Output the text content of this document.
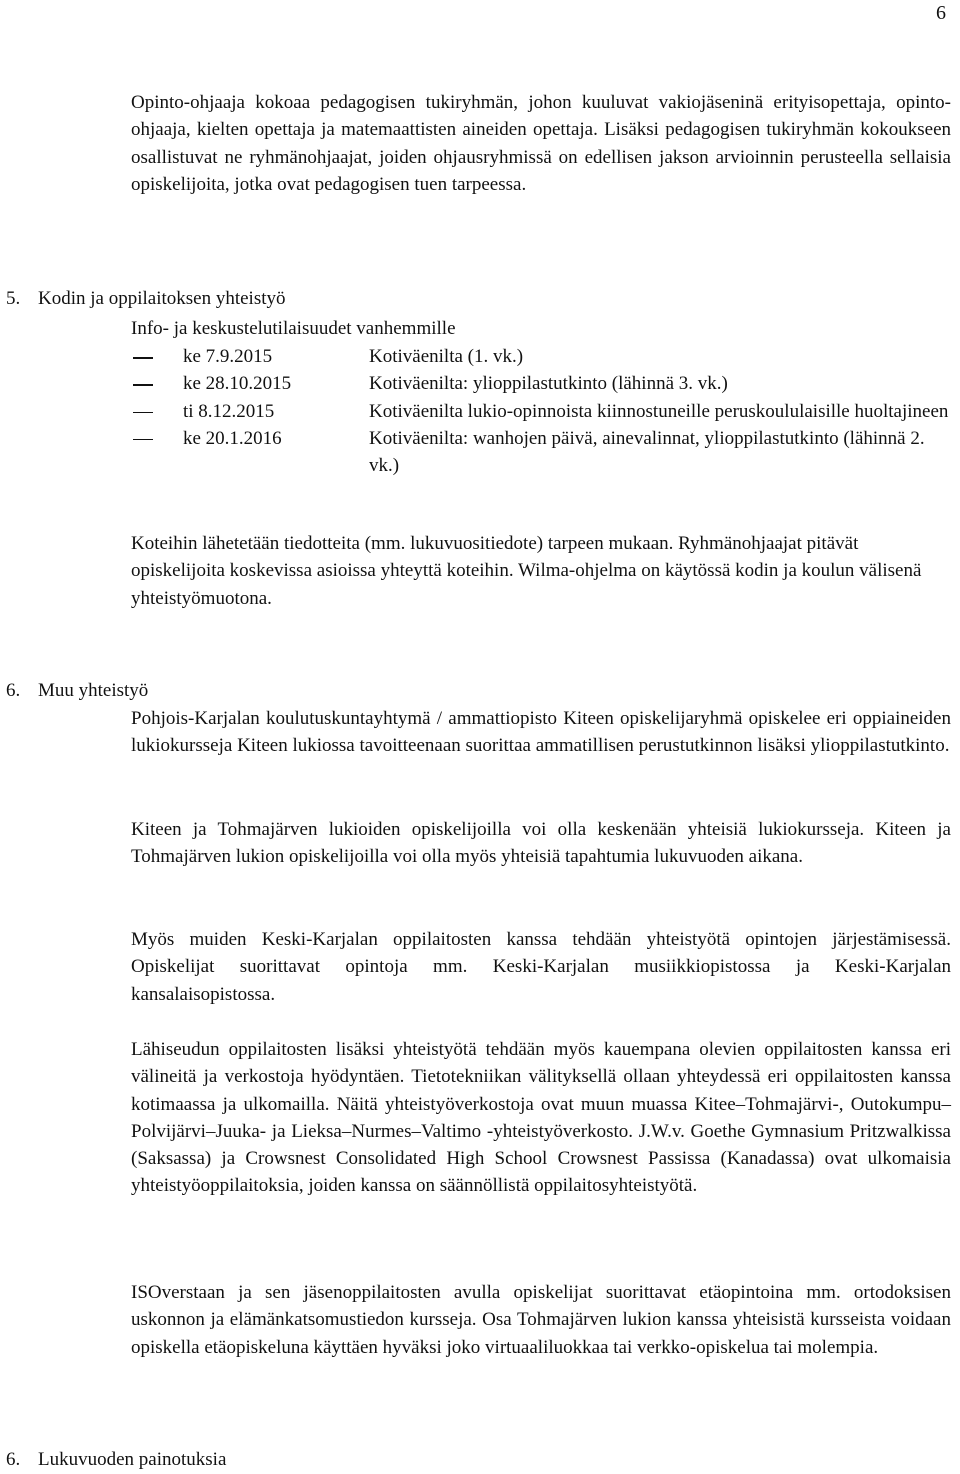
6

Opinto-ohjaaja kokoaa pedagogisen tukiryhmän, johon kuuluvat vakiojäseninä erityisopettaja, opinto-ohjaaja, kielten opettaja ja matemaattisten aineiden opettaja. Lisäksi pedagogisen tukiryhmän kokoukseen osallistuvat ne ryhmänohjaajat, joiden ohjausryhmissä on edellisen jakson arvioinnin perusteella sellaisia opiskelijoita, jotka ovat pedagogisen tuen tarpeessa.

5. Kodin ja oppilaitoksen yhteistyö
Info- ja keskustelutilaisuudet vanhemmille
ke 7.9.2015	Kotiväenilta (1. vk.)
ke 28.10.2015	Kotiväenilta: ylioppilastutkinto (lähinnä 3. vk.)
ti 8.12.2015	Kotiväenilta lukio-opinnoista kiinnostuneille peruskoululaisille huoltajineen
ke 20.1.2016	Kotiväenilta: wanhojen päivä, ainevalinnat, ylioppilastutkinto (lähinnä 2. vk.)

Koteihin lähetetään tiedotteita (mm. lukuvuositiedote) tarpeen mukaan. Ryhmänohjaajat pitävät opiskelijoita koskevissa asioissa yhteyttä koteihin. Wilma-ohjelma on käytössä kodin ja koulun välisenä yhteistyömuotona.

6. Muu yhteistyö

Pohjois-Karjalan koulutuskuntayhtymä / ammattiopisto Kiteen opiskelijaryhmä opiskelee eri oppiaineiden lukiokursseja Kiteen lukiossa tavoitteenaan suorittaa ammatillisen perustutkinnon lisäksi ylioppilastutkinto.

Kiteen ja Tohmajärven lukioiden opiskelijoilla voi olla keskenään yhteisiä lukiokursseja. Kiteen ja Tohmajärven lukion opiskelijoilla voi olla myös yhteisiä tapahtumia lukuvuoden aikana.

Myös muiden Keski-Karjalan oppilaitosten kanssa tehdään yhteistyötä opintojen järjestämisessä. Opiskelijat suorittavat opintoja mm. Keski-Karjalan musiikkiopistossa ja Keski-Karjalan kansalaisopistossa.

Lähiseudun oppilaitosten lisäksi yhteistyötä tehdään myös kauempana olevien oppilaitosten kanssa eri välineitä ja verkostoja hyödyntäen. Tietotekniikan välityksellä ollaan yhteydessä eri oppilaitosten kanssa kotimaassa ja ulkomailla. Näitä yhteistyöverkostoja ovat muun muassa Kitee–Tohmajärvi-, Outokumpu–Polvijärvi–Juuka- ja Lieksa–Nurmes–Valtimo -yhteistyöverkosto. J.W.v. Goethe Gymnasium Pritzwalkissa (Saksassa) ja Crowsnest Consolidated High School Crowsnest Passissa (Kanadassa) ovat ulkomaisia yhteistyöoppilaitoksia, joiden kanssa on säännöllistä oppilaitosyhteistyötä.

ISOverstaan ja sen jäsenoppilaitosten avulla opiskelijat suorittavat etäopintoina mm. ortodoksisen uskonnon ja elämänkatsomustiedon kursseja. Osa Tohmajärven lukion kanssa yhteisistä kursseista voidaan opiskella etäopiskeluna käyttäen hyväksi joko virtuaaliluokkaa tai verkko-opiskelua tai molempia.

6. Lukuvuoden painotuksia
